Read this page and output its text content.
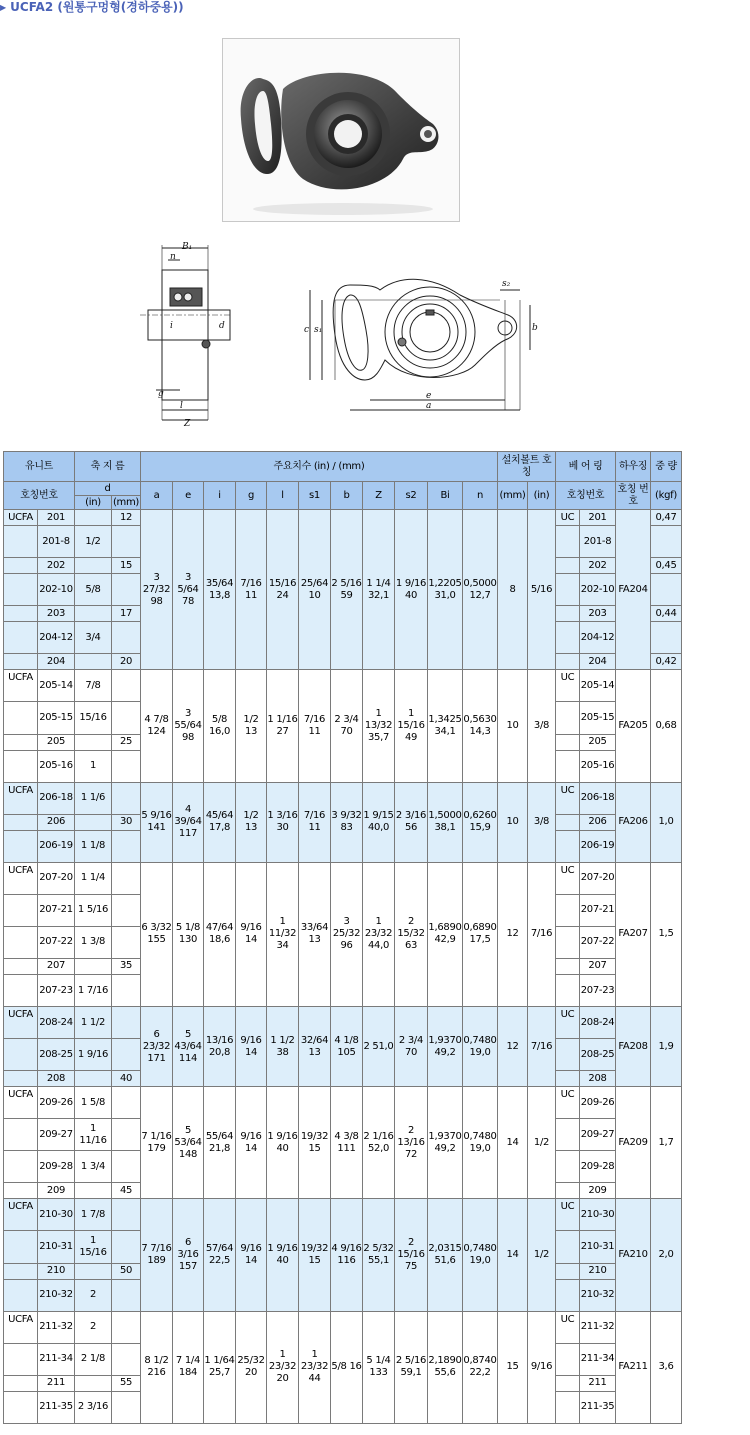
▶ UCFA2 (원통구멍형(경하중용))
B₁
n
i	d	c s₁	b
s₂
g
l
Z
e
a
유니트		축 지 름		주요치수 (in) / (mm)											설치볼트 호 칭		베 어 링		하우징	중 량
호칭번호		d		a	e	i	g	l	s1	b	Z	s2	Bi	n	(mm)	(in)	호칭번호		호칭 번호	(kgf)
		(in)	(mm)																	
UCFA	201		12	3 27/32 98	3 5/64 78	35/64 13,8	7/16 11	15/16 24	25/64 10	2 5/16 59	1 1/4 32,1	1 9/16 40	1,2205 31,0	0,5000 12,7	8	5/16	UC	201	FA204	0,47
	201-8	1/2																201-8		
	202		15															202		0,45
	202-10	5/8																202-10		
	203		17															203		0,44
	204-12	3/4																204-12		
	204		20															204		0,42
UCFA	205-14	7/8		4 7/8 124	3 55/64 98	5/8 16,0	1/2 13	1 1/16 27	7/16 11	2 3/4 70	1 13/32 35,7	1 15/16 49	1,3425 34,1	0,5630 14,3	10	3/8	UC	205-14	FA205	0,68
	205-15	15/16																205-15		
	205		25															205		
	205-16	1																205-16		
UCFA	206-18	1 1/6		5 9/16 141	4 39/64 117	45/64 17,8	1/2 13	1 3/16 30	7/16 11	3 9/32 83	1 9/15 40,0	2 3/16 56	1,5000 38,1	0,6260 15,9	10	3/8	UC	206-18	FA206	1,0
	206		30															206		
	206-19	1 1/8																206-19		
UCFA	207-20	1 1/4		6 3/32 155	5 1/8 130	47/64 18,6	9/16 14	1 11/32 34	33/64 13	3 25/32 96	1 23/32 44,0	2 15/32 63	1,6890 42,9	0,6890 17,5	12	7/16	UC	207-20	FA207	1,5
	207-21	1 5/16																207-21		
	207-22	1 3/8																207-22		
	207		35															207		
	207-23	1 7/16																207-23		
UCFA	208-24	1 1/2		6 23/32 171	5 43/64 114	13/16 20,8	9/16 14	1 1/2 38	32/64 13	4 1/8 105	2 51,0	2 3/4 70	1,9370 49,2	0,7480 19,0	12	7/16	UC	208-24	FA208	1,9
	208-25	1 9/16																208-25		
	208		40															208		
UCFA	209-26	1 5/8		7 1/16 179	5 53/64 148	55/64 21,8	9/16 14	1 9/16 40	19/32 15	4 3/8 111	2 1/16 52,0	2 13/16 72	1,9370 49,2	0,7480 19,0	14	1/2	UC	209-26	FA209	1,7
	209-27	1 11/16																209-27		
	209-28	1 3/4																209-28		
	209		45															209		
UCFA	210-30	1 7/8		7 7/16 189	6 3/16 157	57/64 22,5	9/16 14	1 9/16 40	19/32 15	4 9/16 116	2 5/32 55,1	2 15/16 75	2,0315 51,6	0,7480 19,0	14	1/2	UC	210-30	FA210	2,0
	210-31	1 15/16																210-31		
	210		50															210		
	210-32	2																210-32		
UCFA	211-32	2		8 1/2 216	7 1/4 184	1 1/64 25,7	25/32 20	1 23/32 20	1 23/32 44	5/8 16	5 1/4 133	2 5/16 59,1	2,1890 55,6	0,8740 22,2	15	9/16	UC	211-32	FA211	3,6
	211-34	2 1/8																211-34		
	211		55															211		
	211-35	2 3/16																211-35		
